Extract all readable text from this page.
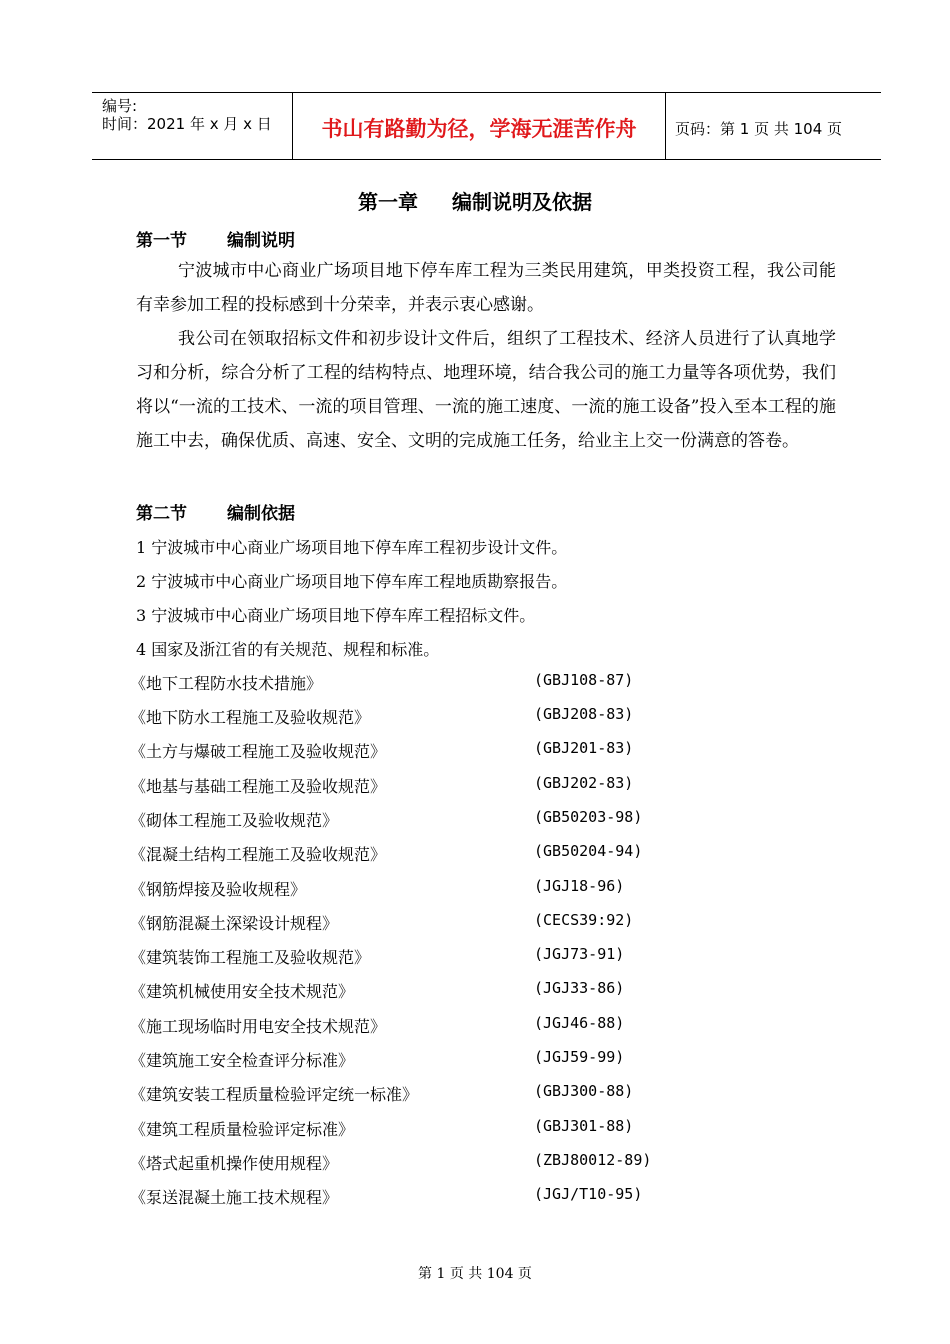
编号:
时间：2021 年 x 月 x 日	书山有路勤为径，学海无涯苦作舟	页码：第 1 页 共 104 页
第一章 编制说明及依据
第一节 编制说明

宁波城市中心商业广场项目地下停车库工程为三类民用建筑，甲类投资工程，我公司能有幸参加工程的投标感到十分荣幸，并表示衷心感谢。

我公司在领取招标文件和初步设计文件后，组织了工程技术、经济人员进行了认真地学习和分析，综合分析了工程的结构特点、地理环境，结合我公司的施工力量等各项优势，我们将以“一流的工技术、一流的项目管理、一流的施工速度、一流的施工设备”投入至本工程的施施工中去，确保优质、高速、安全、文明的完成施工任务，给业主上交一份满意的答卷。

第二节 编制依据
1 宁波城市中心商业广场项目地下停车库工程初步设计文件。
2 宁波城市中心商业广场项目地下停车库工程地质勘察报告。
3 宁波城市中心商业广场项目地下停车库工程招标文件。
4 国家及浙江省的有关规范、规程和标准。
《地下工程防水技术措施》	(GBJ108-87)
《地下防水工程施工及验收规范》	(GBJ208-83)
《土方与爆破工程施工及验收规范》	(GBJ201-83)
《地基与基础工程施工及验收规范》	(GBJ202-83)
《砌体工程施工及验收规范》	(GB50203-98)
《混凝土结构工程施工及验收规范》	(GB50204-94)
《钢筋焊接及验收规程》	(JGJ18-96)
《钢筋混凝土深梁设计规程》	(CECS39:92)
《建筑装饰工程施工及验收规范》	(JGJ73-91)
《建筑机械使用安全技术规范》	(JGJ33-86)
《施工现场临时用电安全技术规范》	(JGJ46-88)
《建筑施工安全检查评分标准》	(JGJ59-99)
《建筑安装工程质量检验评定统一标准》	(GBJ300-88)
《建筑工程质量检验评定标准》	(GBJ301-88)
《塔式起重机操作使用规程》	(ZBJ80012-89)
《泵送混凝土施工技术规程》	(JGJ/T10-95)
第 1 页 共 104 页
